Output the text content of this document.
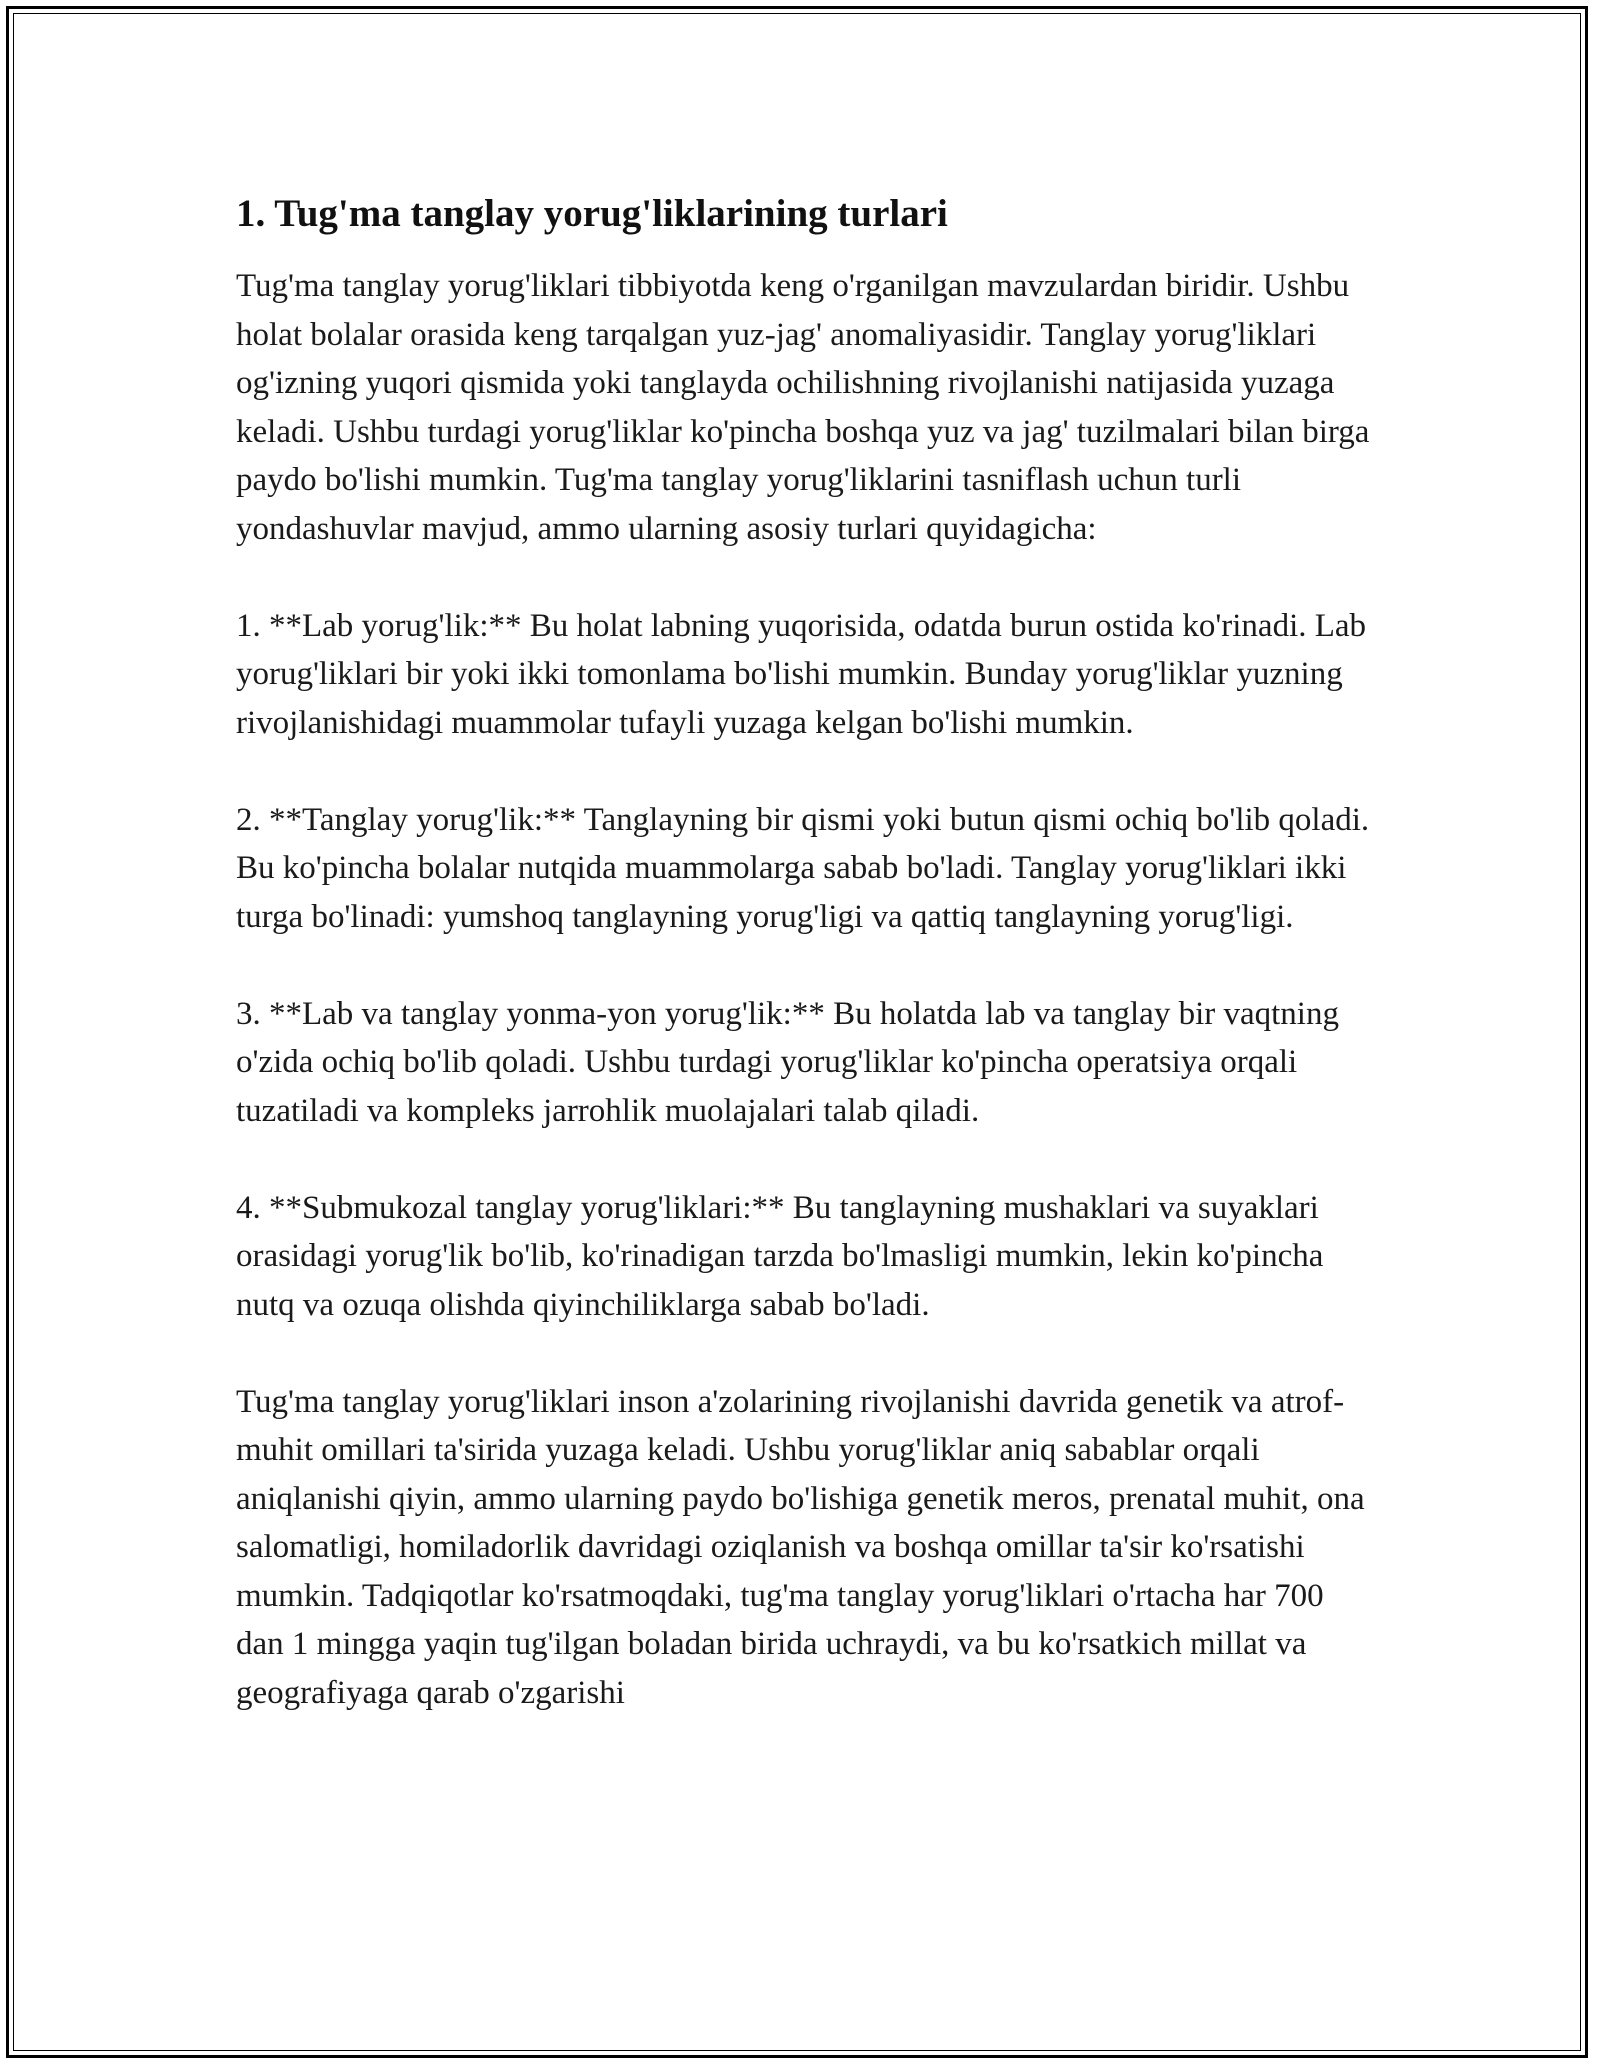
1. Tug'ma tanglay yorug'liklarining turlari

Tug'ma tanglay yorug'liklari tibbiyotda keng o'rganilgan mavzulardan biridir. Ushbu holat bolalar orasida keng tarqalgan yuz-jag' anomaliyasidir. Tanglay yorug'liklari og'izning yuqori qismida yoki tanglayda ochilishning rivojlanishi natijasida yuzaga keladi. Ushbu turdagi yorug'liklar ko'pincha boshqa yuz va jag' tuzilmalari bilan birga paydo bo'lishi mumkin. Tug'ma tanglay yorug'liklarini tasniflash uchun turli yondashuvlar mavjud, ammo ularning asosiy turlari quyidagicha:

1. **Lab yorug'lik:** Bu holat labning yuqorisida, odatda burun ostida ko'rinadi. Lab yorug'liklari bir yoki ikki tomonlama bo'lishi mumkin. Bunday yorug'liklar yuzning rivojlanishidagi muammolar tufayli yuzaga kelgan bo'lishi mumkin.

2. **Tanglay yorug'lik:** Tanglayning bir qismi yoki butun qismi ochiq bo'lib qoladi. Bu ko'pincha bolalar nutqida muammolarga sabab bo'ladi. Tanglay yorug'liklari ikki turga bo'linadi: yumshoq tanglayning yorug'ligi va qattiq tanglayning yorug'ligi.

3. **Lab va tanglay yonma-yon yorug'lik:** Bu holatda lab va tanglay bir vaqtning o'zida ochiq bo'lib qoladi. Ushbu turdagi yorug'liklar ko'pincha operatsiya orqali tuzatiladi va kompleks jarrohlik muolajalari talab qiladi.

4. **Submukozal tanglay yorug'liklari:** Bu tanglayning mushaklari va suyaklari orasidagi yorug'lik bo'lib, ko'rinadigan tarzda bo'lmasligi mumkin, lekin ko'pincha nutq va ozuqa olishda qiyinchiliklarga sabab bo'ladi.

Tug'ma tanglay yorug'liklari inson a'zolarining rivojlanishi davrida genetik va atrof-muhit omillari ta'sirida yuzaga keladi. Ushbu yorug'liklar aniq sabablar orqali aniqlanishi qiyin, ammo ularning paydo bo'lishiga genetik meros, prenatal muhit, ona salomatligi, homiladorlik davridagi oziqlanish va boshqa omillar ta'sir ko'rsatishi mumkin. Tadqiqotlar ko'rsatmoqdaki, tug'ma tanglay yorug'liklari o'rtacha har 700 dan 1 mingga yaqin tug'ilgan boladan birida uchraydi, va bu ko'rsatkich millat va geografiyaga qarab o'zgarishi
